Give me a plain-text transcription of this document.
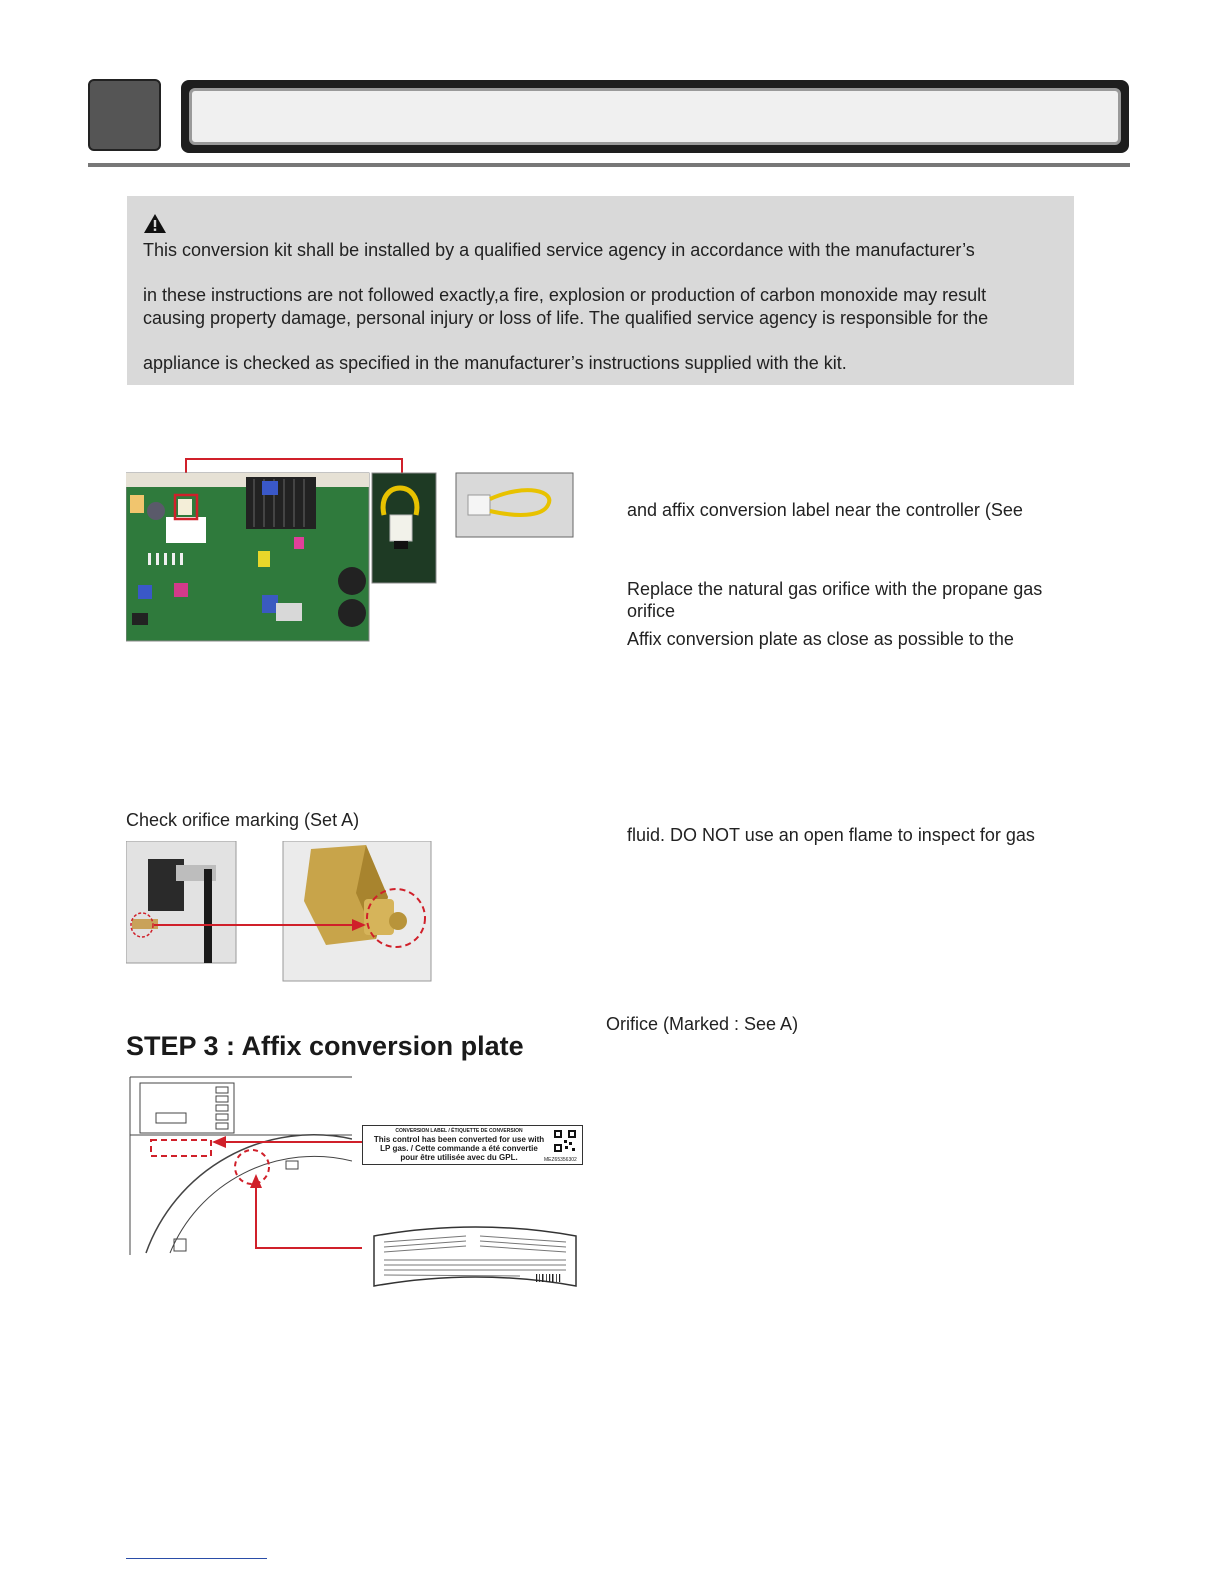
This conversion kit shall be installed by a qualified service agency in accordance with the manufacturer’s
in these instructions are not followed exactly,a fire, explosion or production of carbon monoxide may result
causing property damage, personal injury or loss of life. The qualified service agency is responsible for the
appliance is checked as specified in the manufacturer’s instructions supplied with the kit.
and affix conversion label near the controller (See
Replace the natural gas orifice with the propane gas
orifice
Affix conversion plate as close as possible to the
fluid. DO NOT use an open flame to inspect for gas
Orifice (Marked : See A)
Check orifice marking (Set A)
STEP 3 : Affix conversion plate
CONVERSION LABEL / ÉTIQUETTE DE CONVERSION
This control has been converted for use with
LP gas. / Cette commande a été convertie
pour être utilisée avec du GPL.	MEZ65356302
